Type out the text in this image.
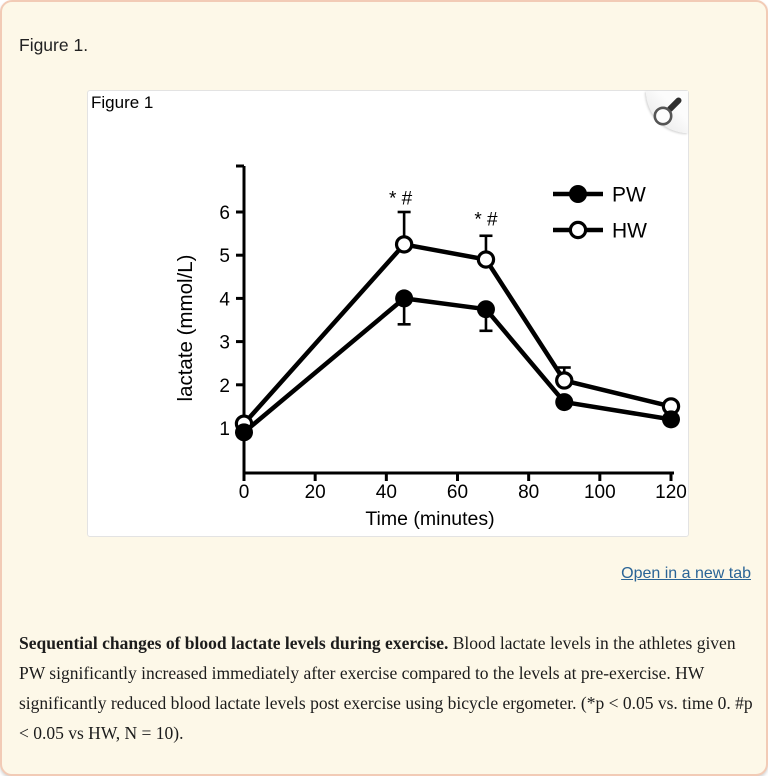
Figure 1.
Figure 1
1
2
3
4
5
6
0	20	40	60	80 100 120
Time (minutes)
lactate (mmol/L)
* #
* #
PW
HW
Open in a new tab
Sequential changes of blood lactate levels during exercise. Blood lactate levels in the athletes given PW significantly increased immediately after exercise compared to the levels at pre-exercise. HW significantly reduced blood lactate levels post exercise using bicycle ergometer. (*p < 0.05 vs. time 0. #p < 0.05 vs HW, N = 10).
